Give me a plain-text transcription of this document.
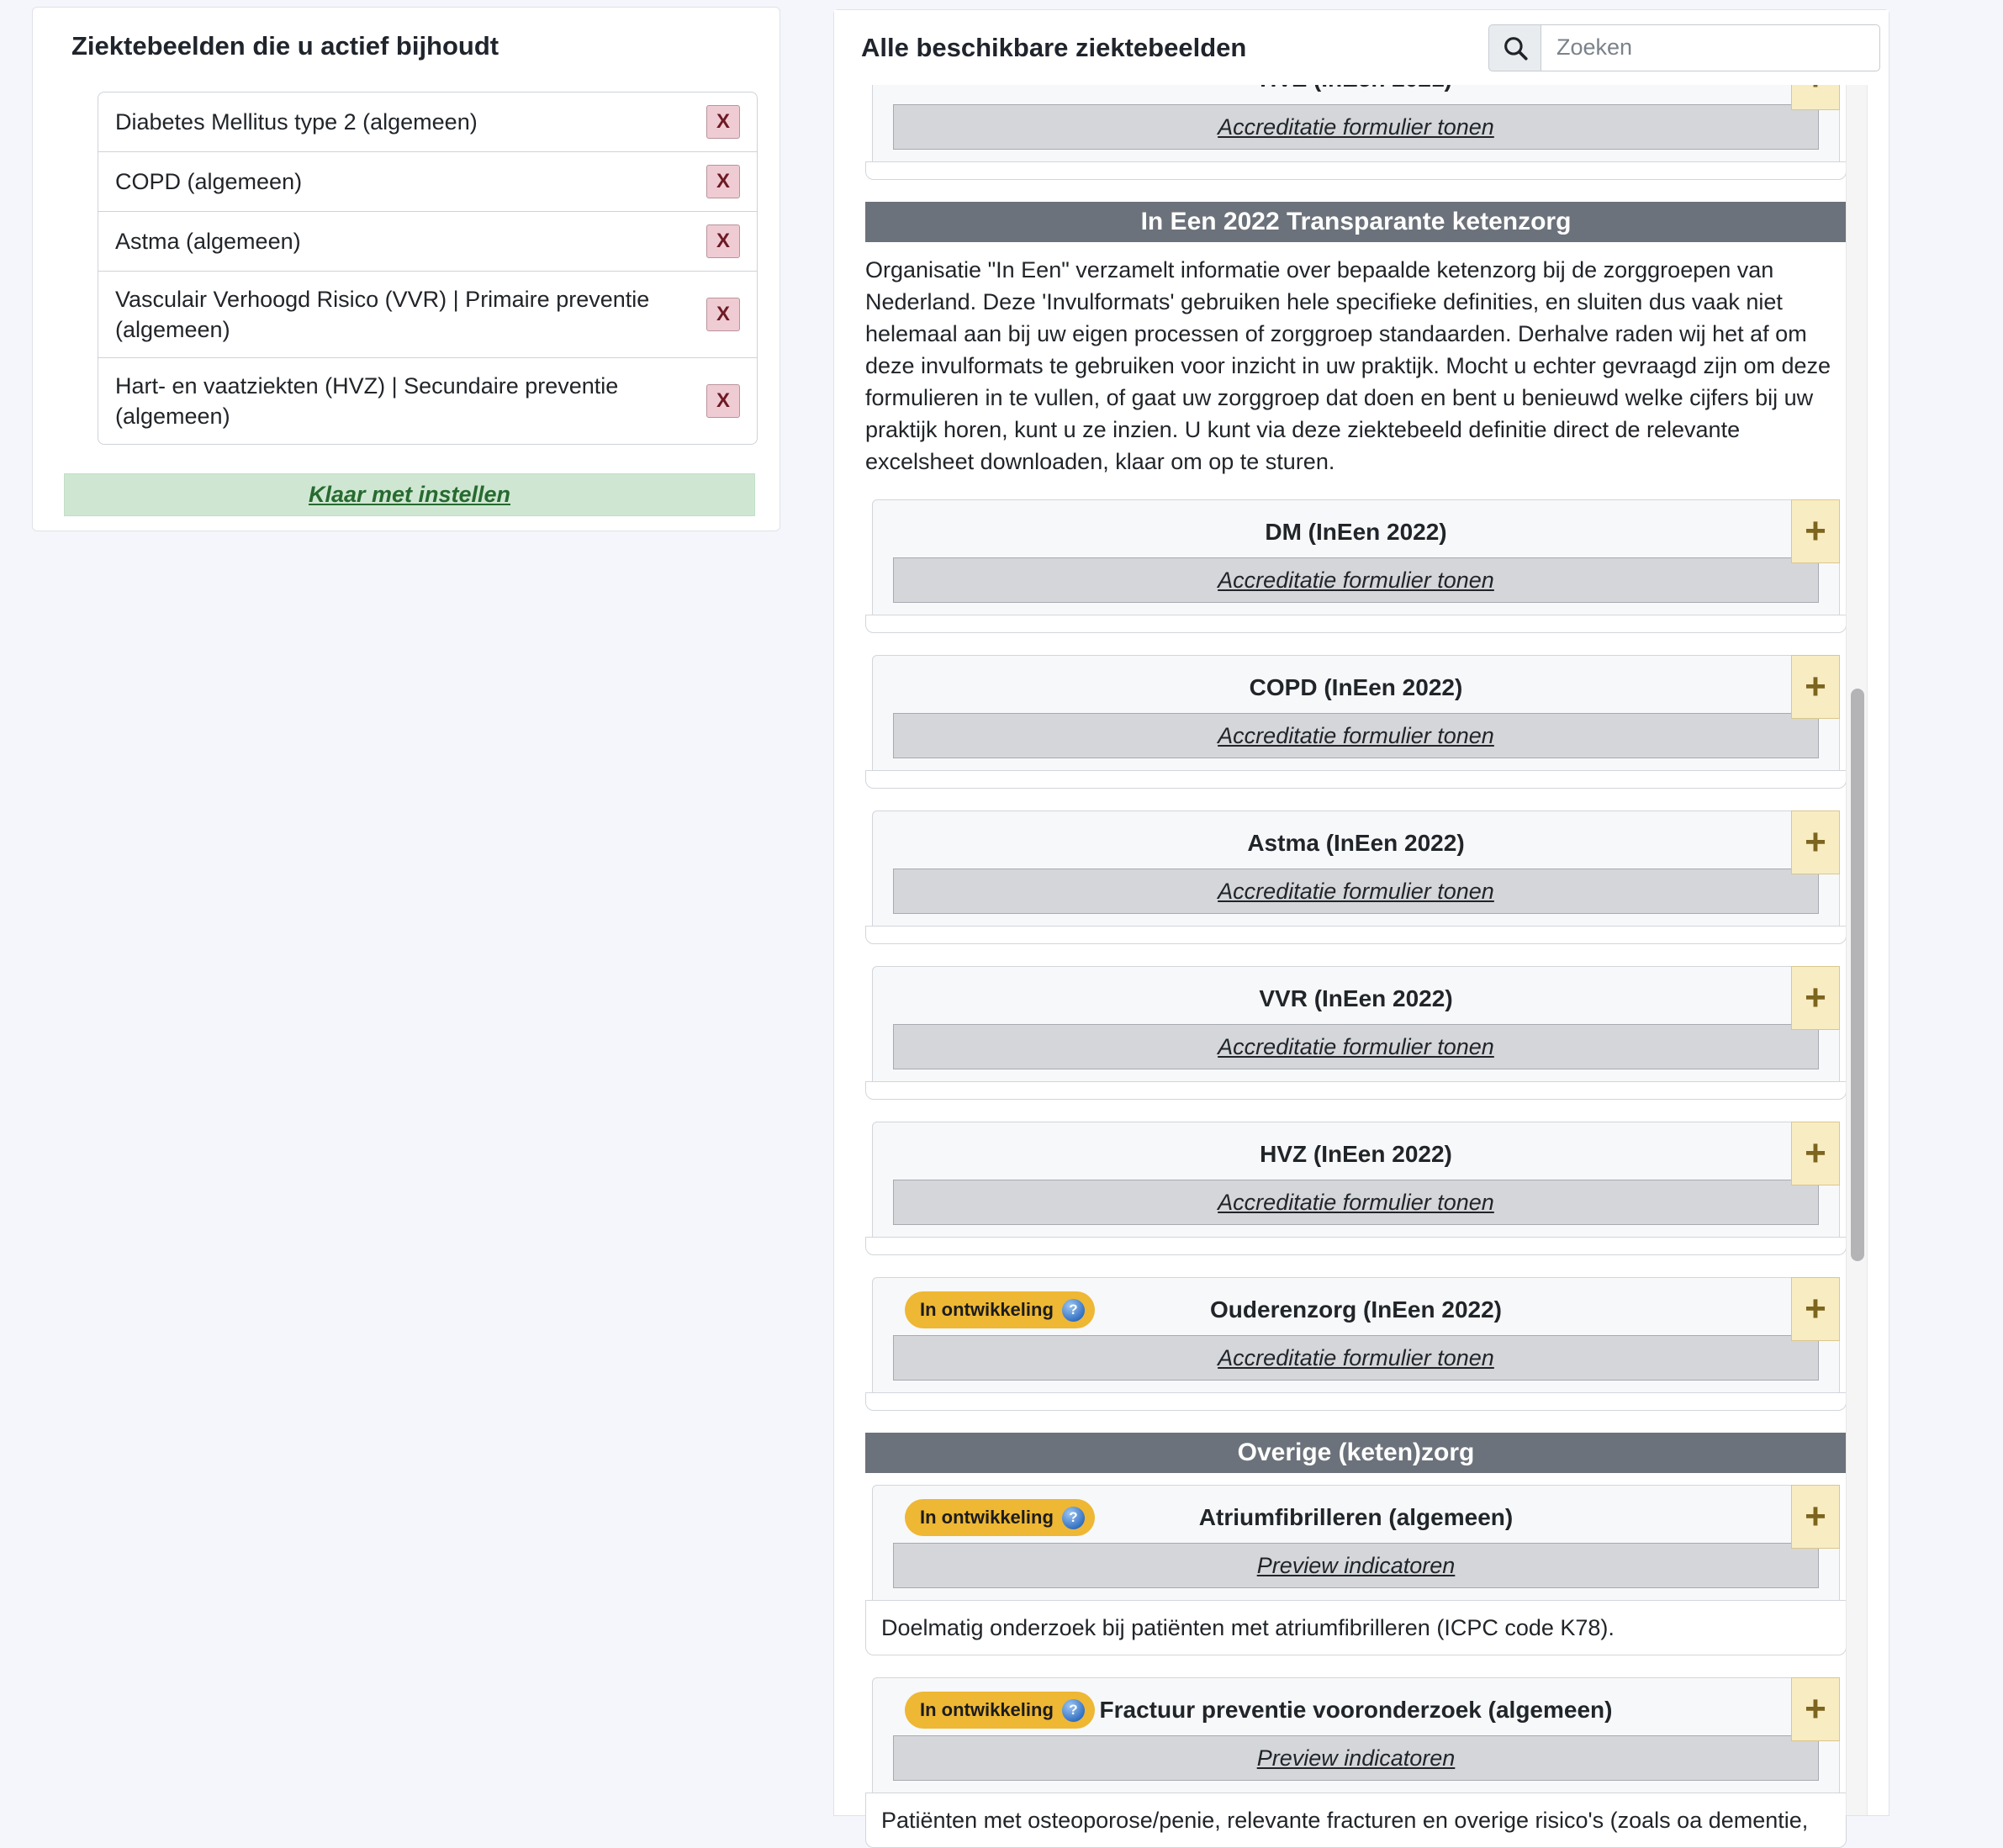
Ziektebeelden die u actief bijhoudt
Diabetes Mellitus type 2 (algemeen)	X
COPD (algemeen)	X
Astma (algemeen)	X
Vasculair Verhoogd Risico (VVR) | Primaire preventie (algemeen)
X
Hart- en vaatziekten (HVZ) | Secundaire preventie (algemeen)
X
Klaar met instellen
Alle beschikbare ziektebeelden
Zoeken
Accreditatie formulier tonen
In Een 2022 Transparante ketenzorg
Organisatie "In Een" verzamelt informatie over bepaalde ketenzorg bij de zorggroepen van Nederland. Deze 'Invulformats' gebruiken hele specifieke definities, en sluiten dus vaak niet helemaal aan bij uw eigen processen of zorggroep standaarden. Derhalve raden wij het af om deze invulformats te gebruiken voor inzicht in uw praktijk. Mocht u echter gevraagd zijn om deze formulieren in te vullen, of gaat uw zorggroep dat doen en bent u benieuwd welke cijfers bij uw praktijk horen, kunt u ze inzien. U kunt via deze ziektebeeld definitie direct de relevante excelsheet downloaden, klaar om op te sturen.
DM (InEen 2022)	+
Accreditatie formulier tonen
COPD (InEen 2022)	+
Accreditatie formulier tonen
Astma (InEen 2022)	+
Accreditatie formulier tonen
VVR (InEen 2022)	+
Accreditatie formulier tonen
HVZ (InEen 2022)	+
Accreditatie formulier tonen
In ontwikkeling	?	Ouderenzorg (InEen 2022)	+
Accreditatie formulier tonen
Overige (keten)zorg
In ontwikkeling	?	Atriumfibrilleren (algemeen)	+
Preview indicatoren
Doelmatig onderzoek bij patiënten met atriumfibrilleren (ICPC code K78).
In ontwikkeling	? Fractuur preventie vooronderzoek (algemeen)	+
Preview indicatoren
Patiënten met osteoporose/penie, relevante fracturen en overige risico's (zoals oa dementie,
